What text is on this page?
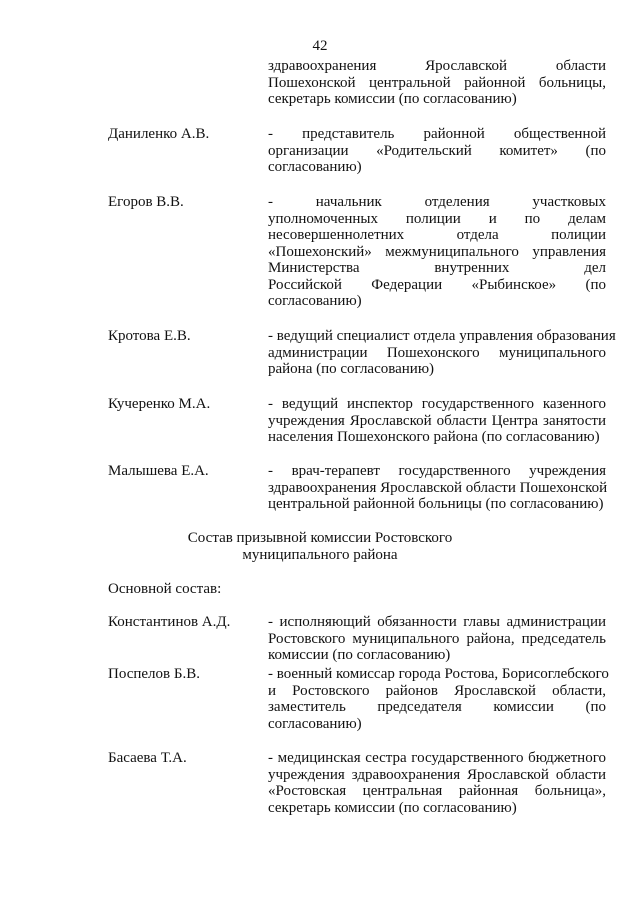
42
здравоохранения Ярославской области
Пошехонской центральной районной больницы,
секретарь комиссии (по согласованию)
Даниленко А.В.	- представитель районной общественной
организации «Родительский комитет» (по
согласованию)
Егоров В.В.	- начальник отделения участковых
уполномоченных полиции и по делам
несовершеннолетних отдела полиции
«Пошехонский» межмуниципального управления
Министерства внутренних дел
Российской Федерации «Рыбинское» (по
согласованию)
Кротова Е.В.	- ведущий специалист отдела управления образования
администрации Пошехонского муниципального
района (по согласованию)
Кучеренко М.А.	- ведущий инспектор государственного казенного
учреждения Ярославской области Центра занятости
населения Пошехонского района (по согласованию)
Малышева Е.А.	- врач-терапевт государственного учреждения
здравоохранения Ярославской области Пошехонской
центральной районной больницы (по согласованию)
Состав призывной комиссии Ростовского
муниципального района
Основной состав:
Константинов А.Д.	- исполняющий обязанности главы администрации
Ростовского муниципального района, председатель
комиссии (по согласованию)
Поспелов Б.В.	- военный комиссар города Ростова, Борисоглебского
и Ростовского районов Ярославской области,
заместитель председателя комиссии (по
согласованию)
Басаева Т.А.	- медицинская сестра государственного бюджетного
учреждения здравоохранения Ярославской области
«Ростовская центральная районная больница»,
секретарь комиссии (по согласованию)
